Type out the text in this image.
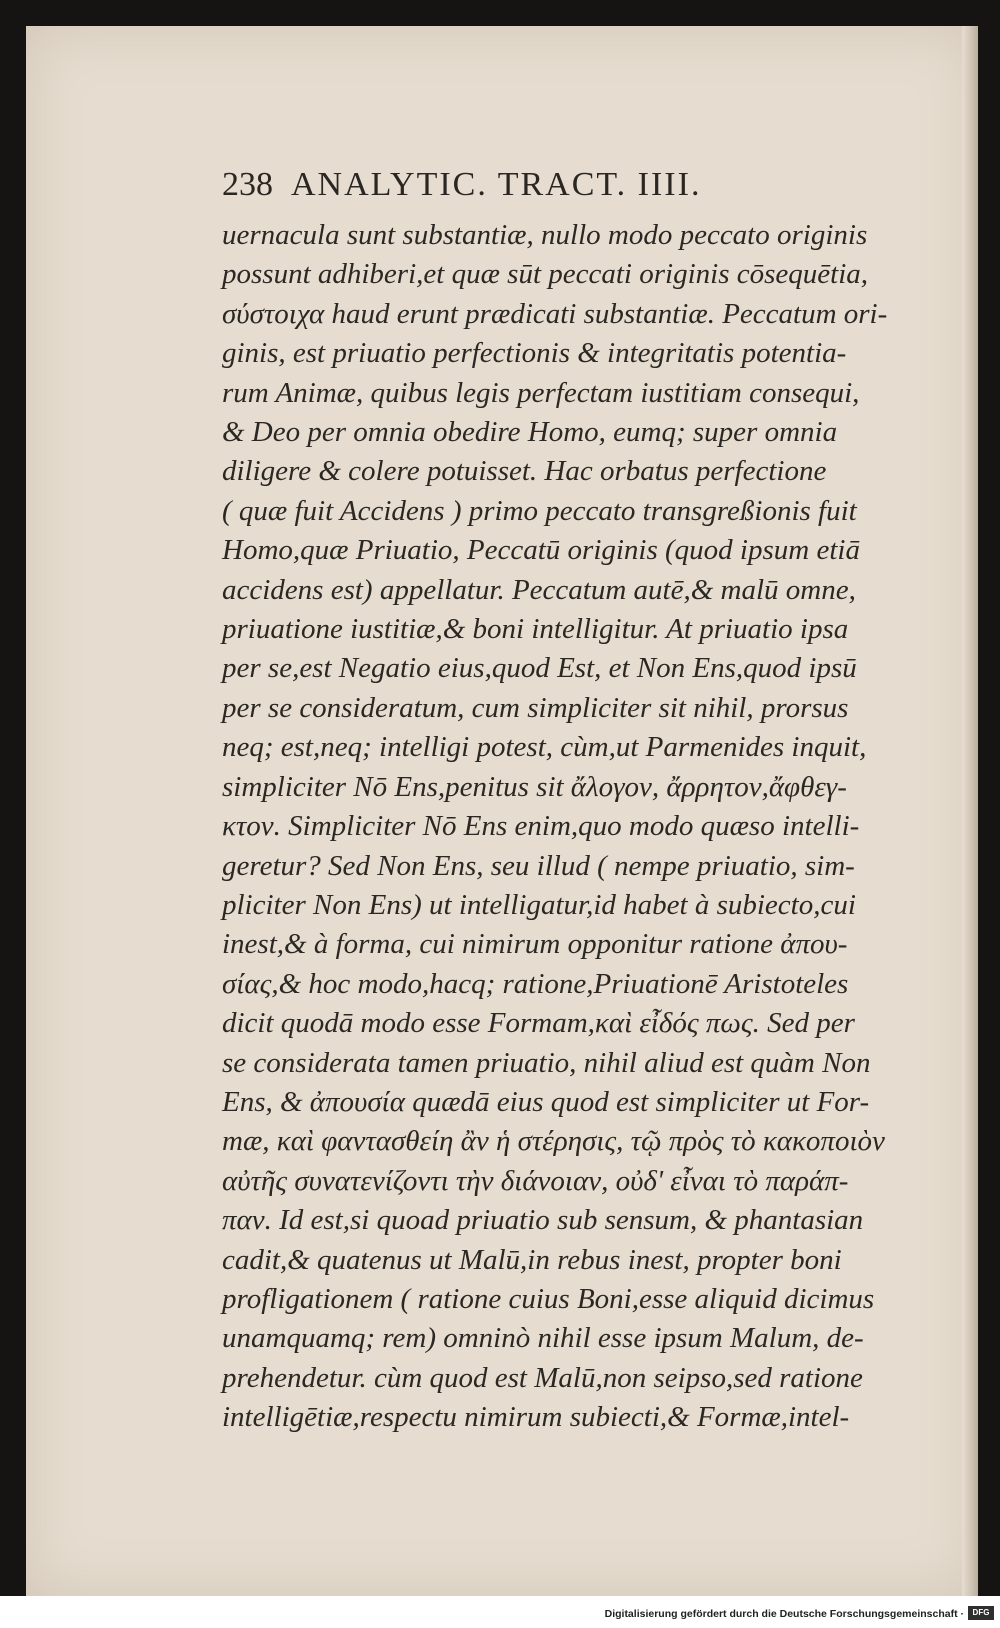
238 ANALYTIC. TRACT. IIII.
uernacula sunt substantiæ, nullo modo peccato originis
possunt adhiberi,et quæ sūt peccati originis cōsequētia,
σύστοιχα haud erunt prædicati substantiæ. Peccatum ori-
ginis, est priuatio perfectionis & integritatis potentia-
rum Animæ, quibus legis perfectam iustitiam consequi,
& Deo per omnia obedire Homo, eumq; super omnia
diligere & colere potuisset. Hac orbatus perfectione
( quæ fuit Accidens ) primo peccato transgreßionis fuit
Homo,quæ Priuatio, Peccatū originis (quod ipsum etiā
accidens est) appellatur. Peccatum autē,& malū omne,
priuatione iustitiæ,& boni intelligitur. At priuatio ipsa
per se,est Negatio eius,quod Est, et Non Ens,quod ipsū
per se consideratum, cum simpliciter sit nihil, prorsus
neq; est,neq; intelligi potest, cùm,ut Parmenides inquit,
simpliciter Nō Ens,penitus sit ἄλογον, ἄρρητον,ἄφθεγ-
κτον. Simpliciter Nō Ens enim,quo modo quæso intelli-
geretur? Sed Non Ens, seu illud ( nempe priuatio, sim-
pliciter Non Ens) ut intelligatur,id habet à subiecto,cui
inest,& à forma, cui nimirum opponitur ratione ἀπου-
σίας,& hoc modo,hacq; ratione,Priuationē Aristoteles
dicit quodā modo esse Formam,καὶ εἶδός πως. Sed per
se considerata tamen priuatio, nihil aliud est quàm Non
Ens, & ἀπουσία quædā eius quod est simpliciter ut For-
mæ, καὶ φαντασθείη ἂν ἡ στέρησις, τῷ πρὸς τὸ κακοποιὸν
αὐτῆς συνατενίζοντι τὴν διάνοιαν, οὐδ' εἶναι τὸ παράπ-
παν. Id est,si quoad priuatio sub sensum, & phantasian
cadit,& quatenus ut Malū,in rebus inest, propter boni
profligationem ( ratione cuius Boni,esse aliquid dicimus
unamquamq; rem) omninò nihil esse ipsum Malum, de-
prehendetur. cùm quod est Malū,non seipso,sed ratione
intelligētiæ,respectu nimirum subiecti,& Formæ,intel-
Digitalisierung gefördert durch die Deutsche Forschungsgemeinschaft ·	DFG
